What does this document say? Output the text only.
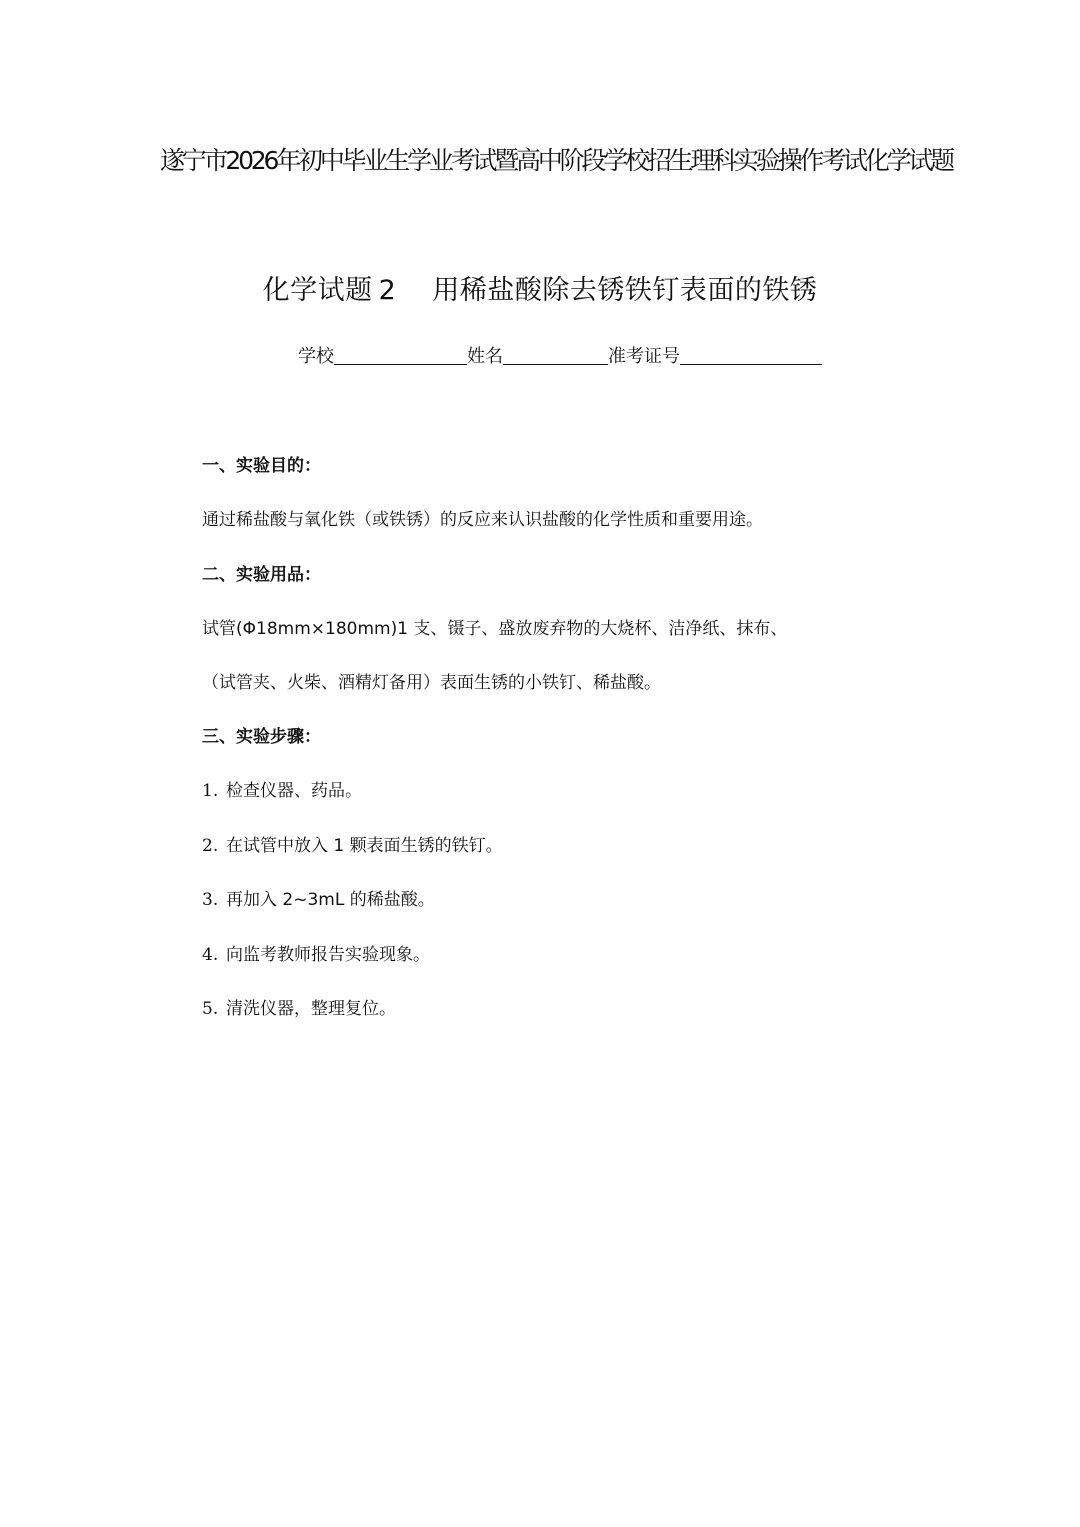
遂宁市2026年初中毕业生学业考试暨高中阶段学校招生理科实验操作考试化学试题
化学试题 2 用稀盐酸除去锈铁钉表面的铁锈
学校	姓名	准考证号
一、实验目的：
通过稀盐酸与氧化铁（或铁锈）的反应来认识盐酸的化学性质和重要用途。
二、实验用品：
试管(Φ18mm×180mm)1 支、镊子、盛放废弃物的大烧杯、洁净纸、抹布、
（试管夹、火柴、酒精灯备用）表面生锈的小铁钉、稀盐酸。
三、实验步骤：
1. 检查仪器、药品。
2. 在试管中放入 1 颗表面生锈的铁钉。
3. 再加入 2~3mL 的稀盐酸。
4. 向监考教师报告实验现象。
5. 清洗仪器，整理复位。
